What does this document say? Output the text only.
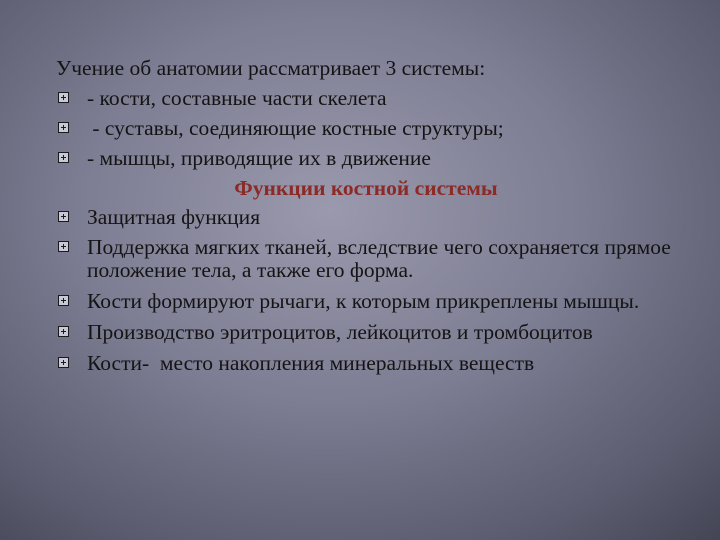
Учение об анатомии рассматривает 3 системы:

- кости, составные части скелета
- суставы, соединяющие костные структуры;
- мышцы, приводящие их в движение

Функции костной системы

Защитная функция
Поддержка мягких тканей, вследствие чего сохраняется прямое положение тела, а также его форма.
Кости формируют рычаги, к которым прикреплены мышцы.
Производство эритроцитов, лейкоцитов и тромбоцитов
Кости-  место накопления минеральных веществ
